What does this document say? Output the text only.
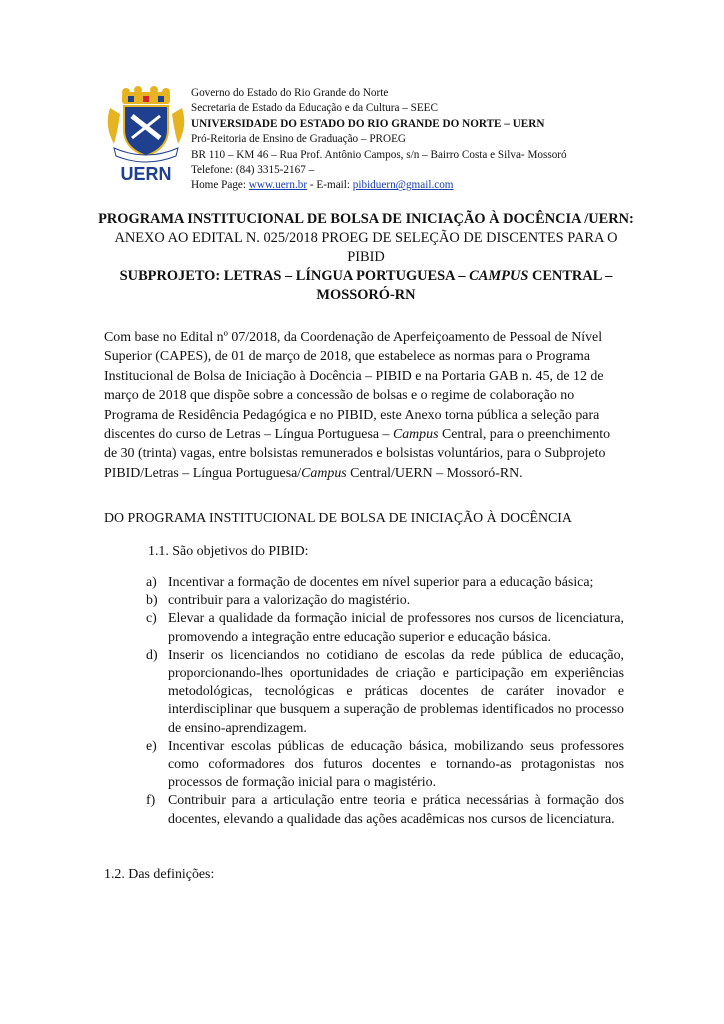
UERN
Governo do Estado do Rio Grande do Norte
Secretaria de Estado da Educação e da Cultura – SEEC
UNIVERSIDADE DO ESTADO DO RIO GRANDE DO NORTE – UERN
Pró-Reitoria de Ensino de Graduação – PROEG
BR 110 – KM 46 – Rua Prof. Antônio Campos, s/n – Bairro Costa e Silva- Mossoró
Telefone: (84) 3315-2167 –
Home Page: www.uern.br - E-mail: pibiduern@gmail.com
PROGRAMA INSTITUCIONAL DE BOLSA DE INICIAÇÃO À DOCÊNCIA /UERN:
ANEXO AO EDITAL N. 025/2018 PROEG DE SELEÇÃO DE DISCENTES PARA O PIBID
SUBPROJETO: LETRAS – LÍNGUA PORTUGUESA – CAMPUS CENTRAL – MOSSORÓ-RN
Com base no Edital nº 07/2018, da Coordenação de Aperfeiçoamento de Pessoal de Nível Superior (CAPES), de 01 de março de 2018, que estabelece as normas para o Programa Institucional de Bolsa de Iniciação à Docência – PIBID e na Portaria GAB n. 45, de 12 de março de 2018 que dispõe sobre a concessão de bolsas e o regime de colaboração no Programa de Residência Pedagógica e no PIBID, este Anexo torna pública a seleção para discentes do curso de Letras – Língua Portuguesa – Campus Central, para o preenchimento de 30 (trinta) vagas, entre bolsistas remunerados e bolsistas voluntários, para o Subprojeto PIBID/Letras – Língua Portuguesa/Campus Central/UERN – Mossoró-RN.
DO PROGRAMA INSTITUCIONAL DE BOLSA DE INICIAÇÃO À DOCÊNCIA
1.1. São objetivos do PIBID:
a) Incentivar a formação de docentes em nível superior para a educação básica;
b) contribuir para a valorização do magistério.
c) Elevar a qualidade da formação inicial de professores nos cursos de licenciatura, promovendo a integração entre educação superior e educação básica.
d) Inserir os licenciandos no cotidiano de escolas da rede pública de educação, proporcionando-lhes oportunidades de criação e participação em experiências metodológicas, tecnológicas e práticas docentes de caráter inovador e interdisciplinar que busquem a superação de problemas identificados no processo de ensino-aprendizagem.
e) Incentivar escolas públicas de educação básica, mobilizando seus professores como coformadores dos futuros docentes e tornando-as protagonistas nos processos de formação inicial para o magistério.
f) Contribuir para a articulação entre teoria e prática necessárias à formação dos docentes, elevando a qualidade das ações acadêmicas nos cursos de licenciatura.
1.2. Das definições:
